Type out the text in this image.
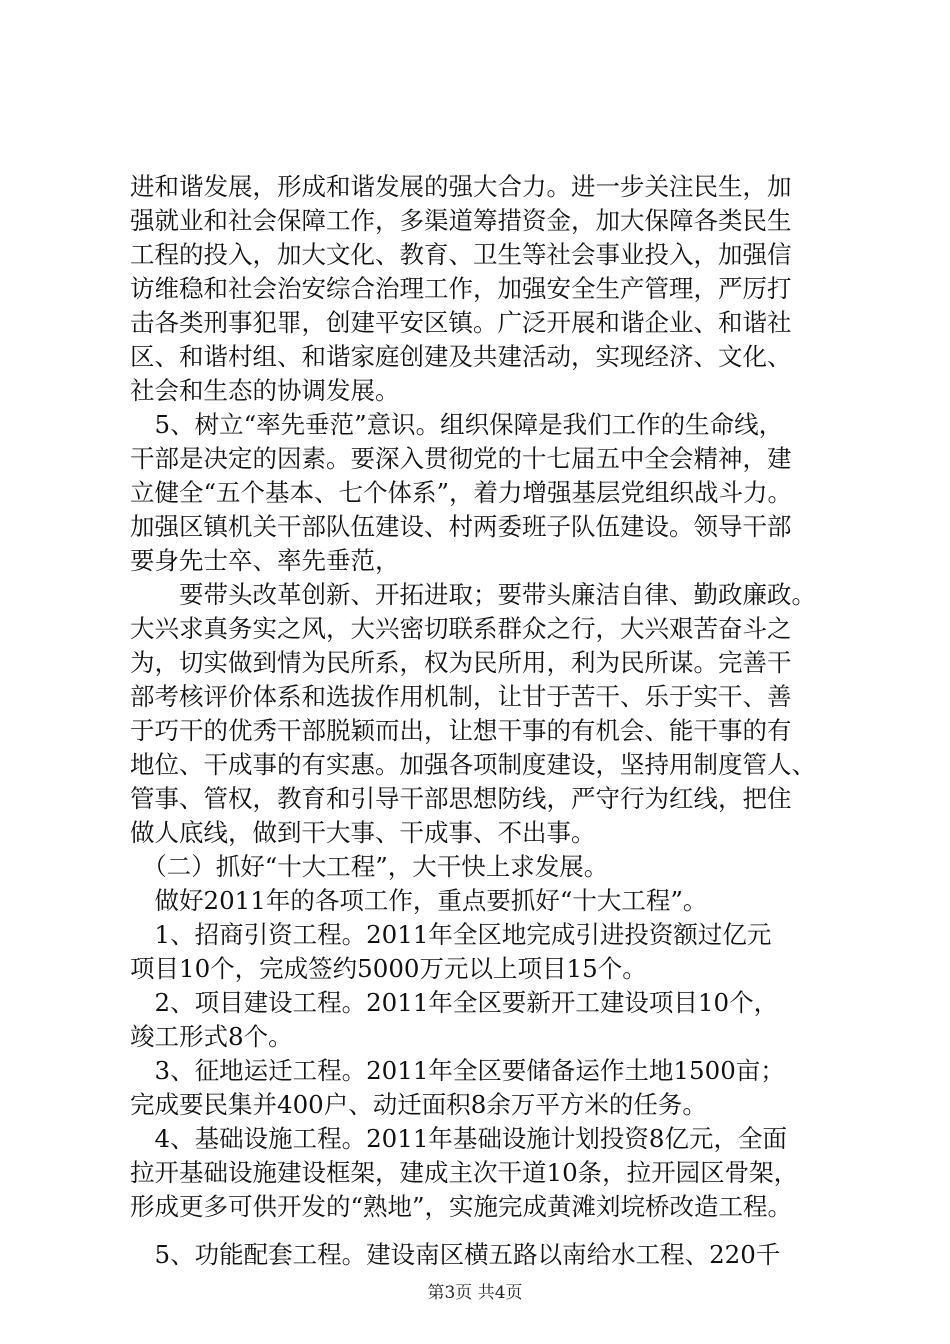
进和谐发展，形成和谐发展的强大合力。进一步关注民生，加

强就业和社会保障工作，多渠道筹措资金，加大保障各类民生

工程的投入，加大文化、教育、卫生等社会事业投入，加强信

访维稳和社会治安综合治理工作，加强安全生产管理，严厉打

击各类刑事犯罪，创建平安区镇。广泛开展和谐企业、和谐社

区、和谐村组、和谐家庭创建及共建活动，实现经济、文化、

社会和生态的协调发展。

　5、树立“率先垂范”意识。组织保障是我们工作的生命线，

干部是决定的因素。要深入贯彻党的十七届五中全会精神，建

立健全“五个基本、七个体系”，着力增强基层党组织战斗力。

加强区镇机关干部队伍建设、村两委班子队伍建设。领导干部

要身先士卒、率先垂范，

　　要带头改革创新、开拓进取；要带头廉洁自律、勤政廉政。

大兴求真务实之风，大兴密切联系群众之行，大兴艰苦奋斗之

为，切实做到情为民所系，权为民所用，利为民所谋。完善干

部考核评价体系和选拔作用机制，让甘于苦干、乐于实干、善

于巧干的优秀干部脱颖而出，让想干事的有机会、能干事的有

地位、干成事的有实惠。加强各项制度建设，坚持用制度管人、

管事、管权，教育和引导干部思想防线，严守行为红线，把住

做人底线，做到干大事、干成事、不出事。

　（二）抓好“十大工程”，大干快上求发展。

　做好2011年的各项工作，重点要抓好“十大工程”。

　1、招商引资工程。2011年全区地完成引进投资额过亿元

项目10个，完成签约5000万元以上项目15个。

　2、项目建设工程。2011年全区要新开工建设项目10个，

竣工形式8个。

　3、征地运迁工程。2011年全区要储备运作土地1500亩；

完成要民集并400户、动迁面积8余万平方米的任务。

　4、基础设施工程。2011年基础设施计划投资8亿元，全面

拉开基础设施建设框架，建成主次干道10条，拉开园区骨架，

形成更多可供开发的“熟地”，实施完成黄滩刘垸桥改造工程。

　5、功能配套工程。建设南区横五路以南给水工程、220千

第3页 共4页
